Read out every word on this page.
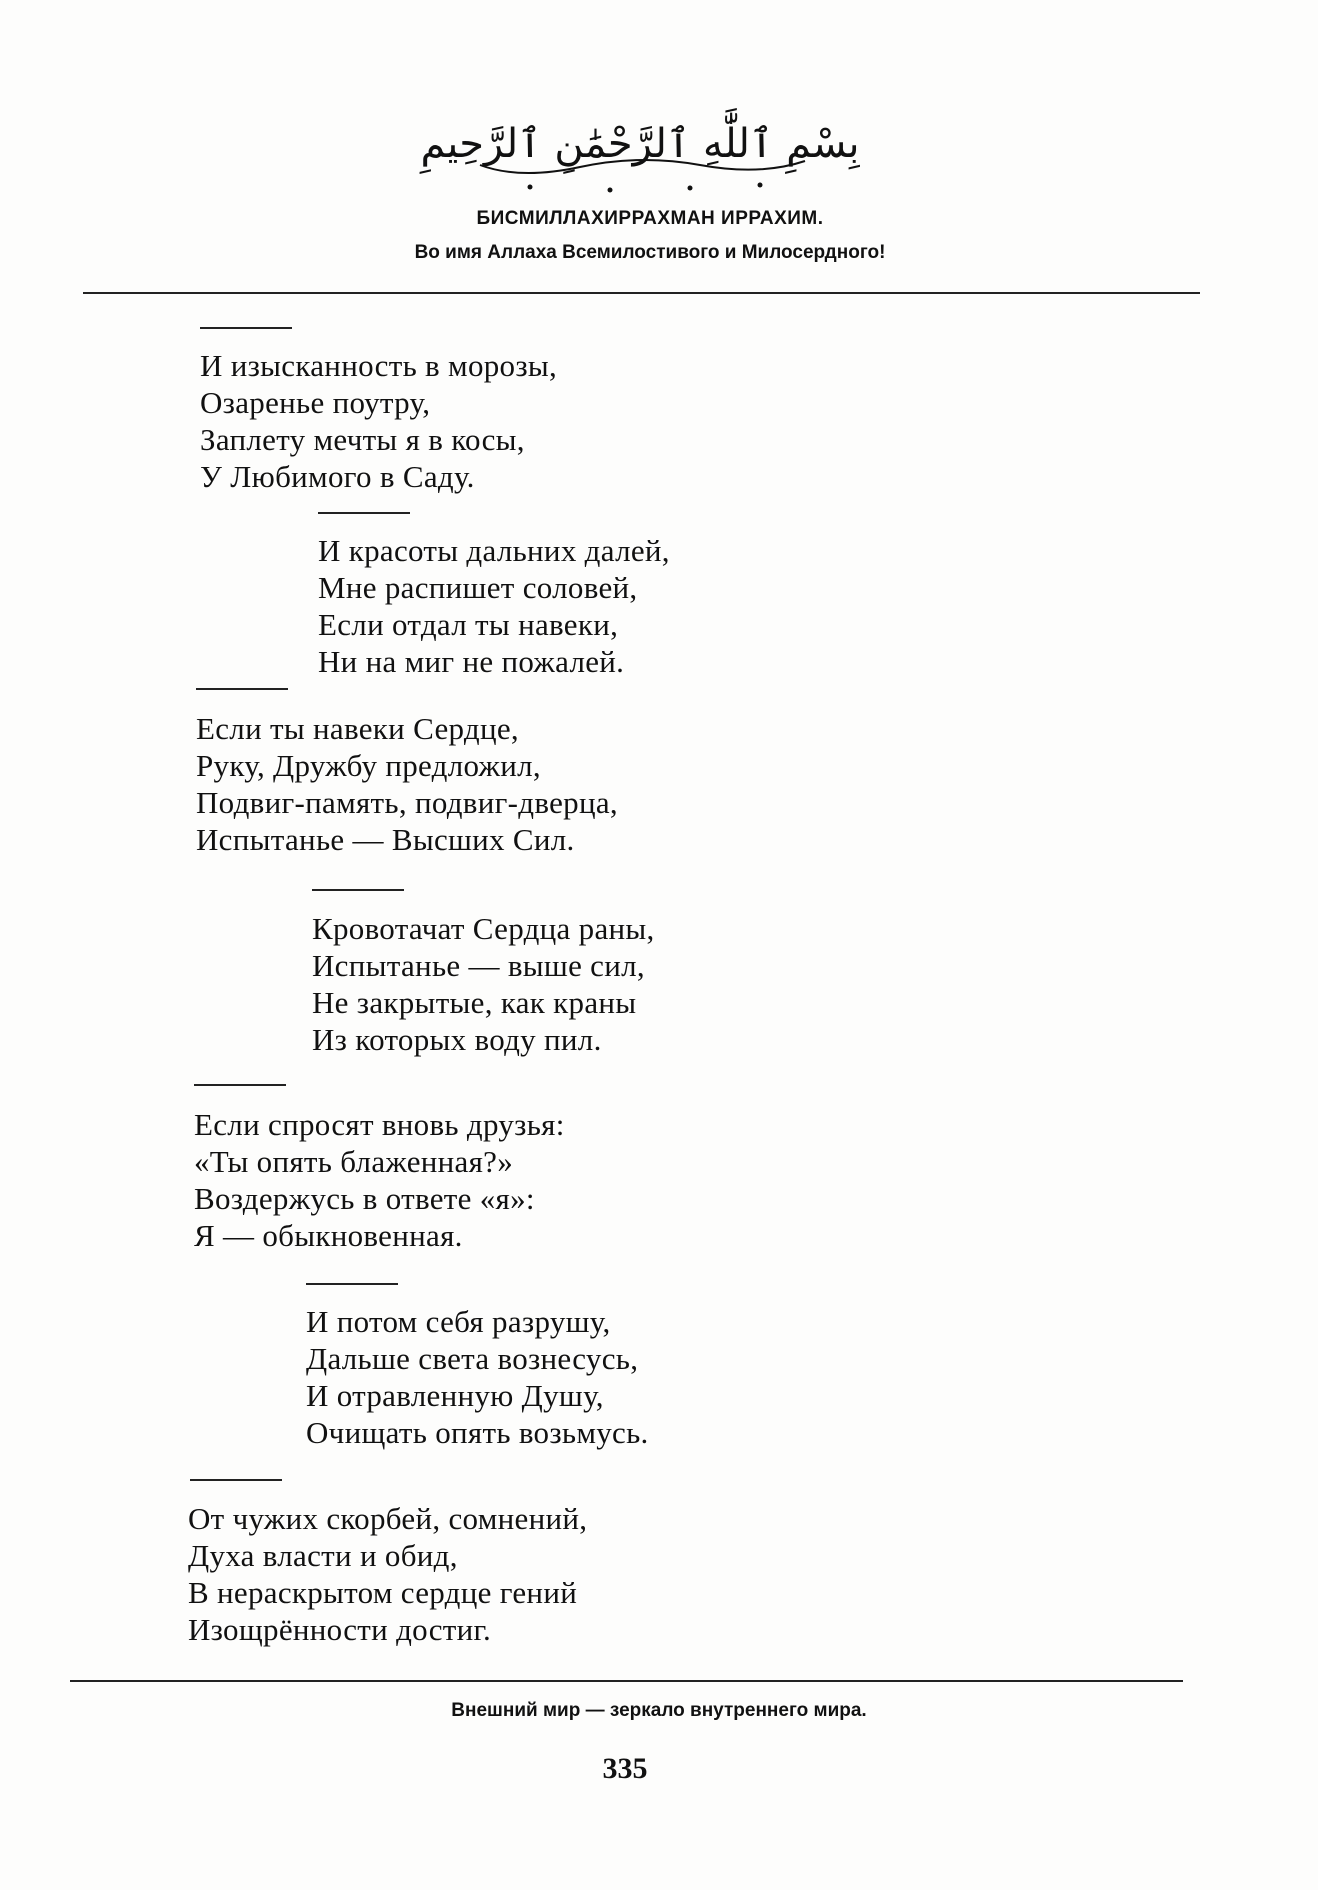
بِسْمِ ٱللَّٰهِ ٱلرَّحْمَٰنِ ٱلرَّحِيمِ
БИСМИЛЛАХИРРАХМАН ИРРАХИМ.
Во имя Аллаха Всемилостивого и Милосердного!
И изысканность в морозы,
Озаренье поутру,
Заплету мечты я в косы,
У Любимого в Саду.
И красоты дальних далей,
Мне распишет соловей,
Если отдал ты навеки,
Ни на миг не пожалей.
Если ты навеки Сердце,
Руку, Дружбу предложил,
Подвиг-память, подвиг-дверца,
Испытанье — Высших Сил.
Кровотачат Сердца раны,
Испытанье — выше сил,
Не закрытые, как краны
Из которых воду пил.
Если спросят вновь друзья:
«Ты опять блаженная?»
Воздержусь в ответе «я»:
Я — обыкновенная.
И потом себя разрушу,
Дальше света вознесусь,
И отравленную Душу,
Очищать опять возьмусь.
От чужих скорбей, сомнений,
Духа власти и обид,
В нераскрытом сердце гений
Изощрённости достиг.
Внешний мир — зеркало внутреннего мира.
335
